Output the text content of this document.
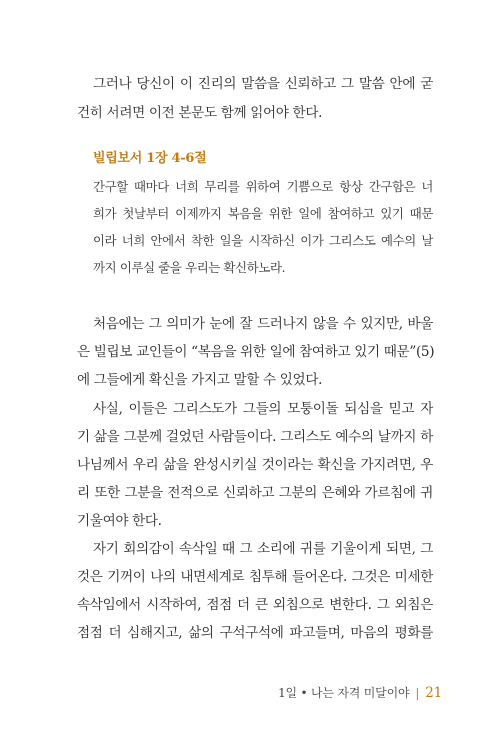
그러나 당신이 이 진리의 말씀을 신뢰하고 그 말씀 안에 굳
건히 서려면 이전 본문도 함께 읽어야 한다.
빌립보서 1장 4-6절
간구할 때마다 너희 무리를 위하여 기쁨으로 항상 간구함은 너
희가 첫날부터 이제까지 복음을 위한 일에 참여하고 있기 때문
이라 너희 안에서 착한 일을 시작하신 이가 그리스도 예수의 날
까지 이루실 줄을 우리는 확신하노라.
처음에는 그 의미가 눈에 잘 드러나지 않을 수 있지만, 바울
은 빌립보 교인들이 “복음을 위한 일에 참여하고 있기 때문”(5)
에 그들에게 확신을 가지고 말할 수 있었다.
사실, 이들은 그리스도가 그들의 모퉁이돌 되심을 믿고 자
기 삶을 그분께 걸었던 사람들이다. 그리스도 예수의 날까지 하
나님께서 우리 삶을 완성시키실 것이라는 확신을 가지려면, 우
리 또한 그분을 전적으로 신뢰하고 그분의 은혜와 가르침에 귀
기울여야 한다.
자기 회의감이 속삭일 때 그 소리에 귀를 기울이게 되면, 그
것은 기꺼이 나의 내면세계로 침투해 들어온다. 그것은 미세한
속삭임에서 시작하여, 점점 더 큰 외침으로 변한다. 그 외침은
점점 더 심해지고, 삶의 구석구석에 파고들며, 마음의 평화를
1일 • 나는 자격 미달이야 | 21
